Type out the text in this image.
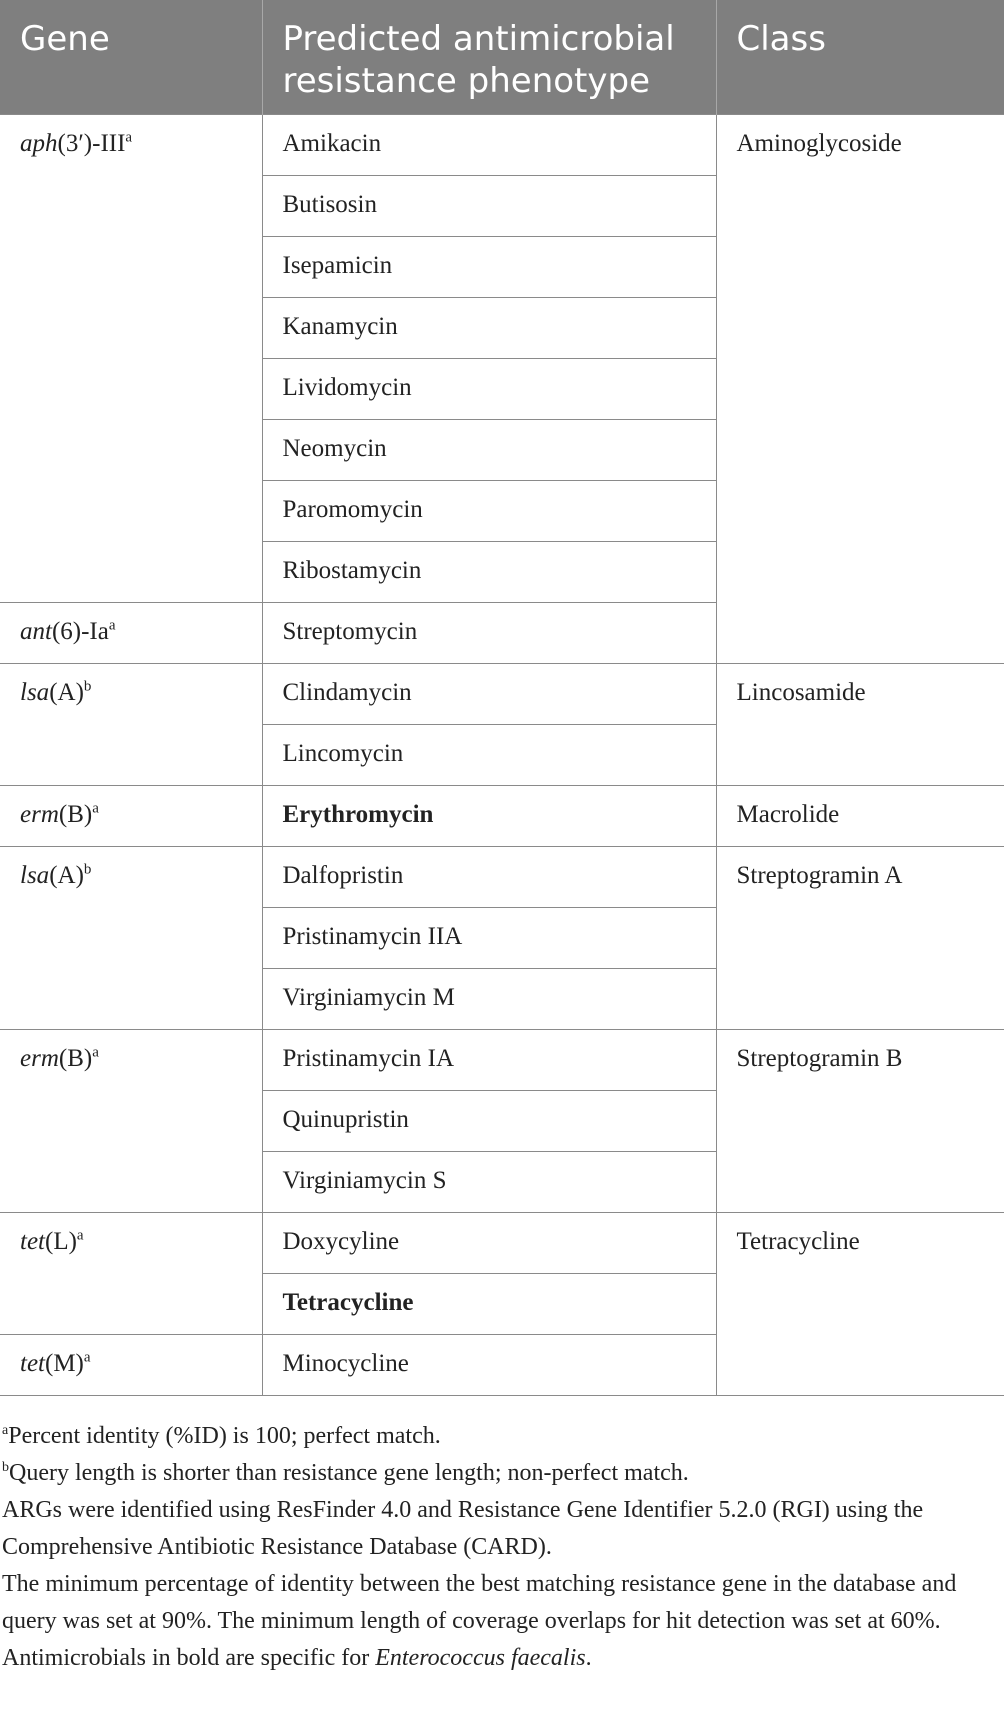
Gene	Predicted antimicrobial resistance phenotype	Class
aph(3′)-III$^a$	Amikacin	Aminoglycoside
	Butisosin	
	Isepamicin	
	Kanamycin	
	Lividomycin	
	Neomycin	
	Paromomycin	
	Ribostamycin	
ant(6)-Ia$^a$	Streptomycin	
$lsa(A)^b$	Clindamycin	Lincosamide
	Lincomycin	
$erm(B)^a$	Erythromycin	Macrolide
$lsa(A)^b$	Dalfopristin	Streptogramin A
	Pristinamycin IIA	
	Virginiamycin M	
$erm(B)^a$	Pristinamycin IA	Streptogramin B
	Quinupristin	
	Virginiamycin S	
$tet(L)^a$	Doxycyline	Tetracycline
	Tetracycline	
$tet(M)^a$	Minocycline	

$^a$Percent identity (%ID) is 100; perfect match.

$^b$Query length is shorter than resistance gene length; non-perfect match.

ARGs were identified using ResFinder 4.0 and Resistance Gene Identifier 5.2.0 (RGI) using the Comprehensive Antibiotic Resistance Database (CARD).

The minimum percentage of identity between the best matching resistance gene in the database and query was set at 90%. The minimum length of coverage overlaps for hit detection was set at 60%.

Antimicrobials in bold are specific for Enterococcus faecalis.
